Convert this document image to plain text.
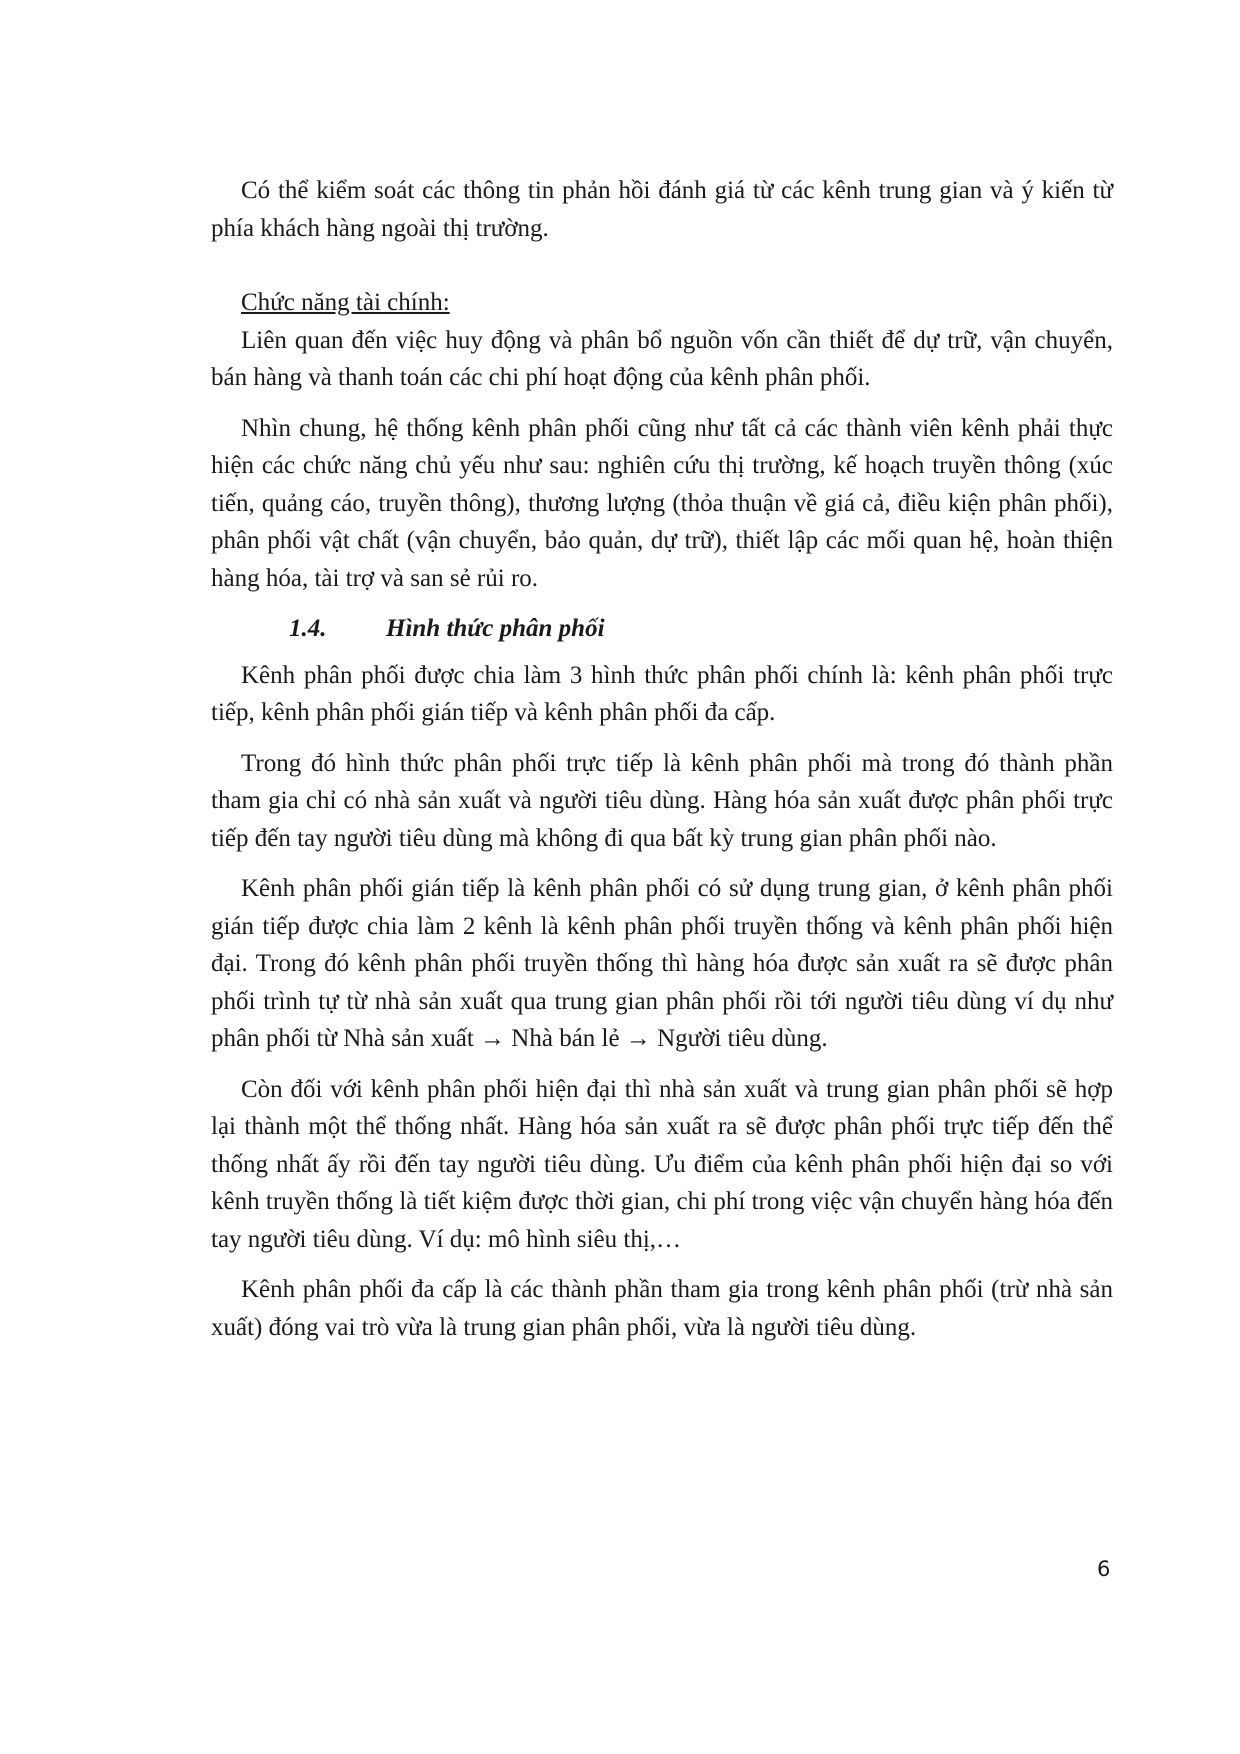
Có thể kiểm soát các thông tin phản hồi đánh giá từ các kênh trung gian và ý kiến từ phía khách hàng ngoài thị trường.

Chức năng tài chính:

Liên quan đến việc huy động và phân bổ nguồn vốn cần thiết để dự trữ, vận chuyển, bán hàng và thanh toán các chi phí hoạt động của kênh phân phối.

Nhìn chung, hệ thống kênh phân phối cũng như tất cả các thành viên kênh phải thực hiện các chức năng chủ yếu như sau: nghiên cứu thị trường, kế hoạch truyền thông (xúc tiến, quảng cáo, truyền thông), thương lượng (thỏa thuận về giá cả, điều kiện phân phối), phân phối vật chất (vận chuyển, bảo quản, dự trữ), thiết lập các mối quan hệ, hoàn thiện hàng hóa, tài trợ và san sẻ rủi ro.

1.4. Hình thức phân phối

Kênh phân phối được chia làm 3 hình thức phân phối chính là: kênh phân phối trực tiếp, kênh phân phối gián tiếp và kênh phân phối đa cấp.

Trong đó hình thức phân phối trực tiếp là kênh phân phối mà trong đó thành phần tham gia chỉ có nhà sản xuất và người tiêu dùng. Hàng hóa sản xuất được phân phối trực tiếp đến tay người tiêu dùng mà không đi qua bất kỳ trung gian phân phối nào.

Kênh phân phối gián tiếp là kênh phân phối có sử dụng trung gian, ở kênh phân phối gián tiếp được chia làm 2 kênh là kênh phân phối truyền thống và kênh phân phối hiện đại. Trong đó kênh phân phối truyền thống thì hàng hóa được sản xuất ra sẽ được phân phối trình tự từ nhà sản xuất qua trung gian phân phối rồi tới người tiêu dùng ví dụ như phân phối từ Nhà sản xuất → Nhà bán lẻ → Người tiêu dùng.

Còn đối với kênh phân phối hiện đại thì nhà sản xuất và trung gian phân phối sẽ hợp lại thành một thể thống nhất. Hàng hóa sản xuất ra sẽ được phân phối trực tiếp đến thể thống nhất ấy rồi đến tay người tiêu dùng. Ưu điểm của kênh phân phối hiện đại so với kênh truyền thống là tiết kiệm được thời gian, chi phí trong việc vận chuyển hàng hóa đến tay người tiêu dùng. Ví dụ: mô hình siêu thị,…

Kênh phân phối đa cấp là các thành phần tham gia trong kênh phân phối (trừ nhà sản xuất) đóng vai trò vừa là trung gian phân phối, vừa là người tiêu dùng.

6
